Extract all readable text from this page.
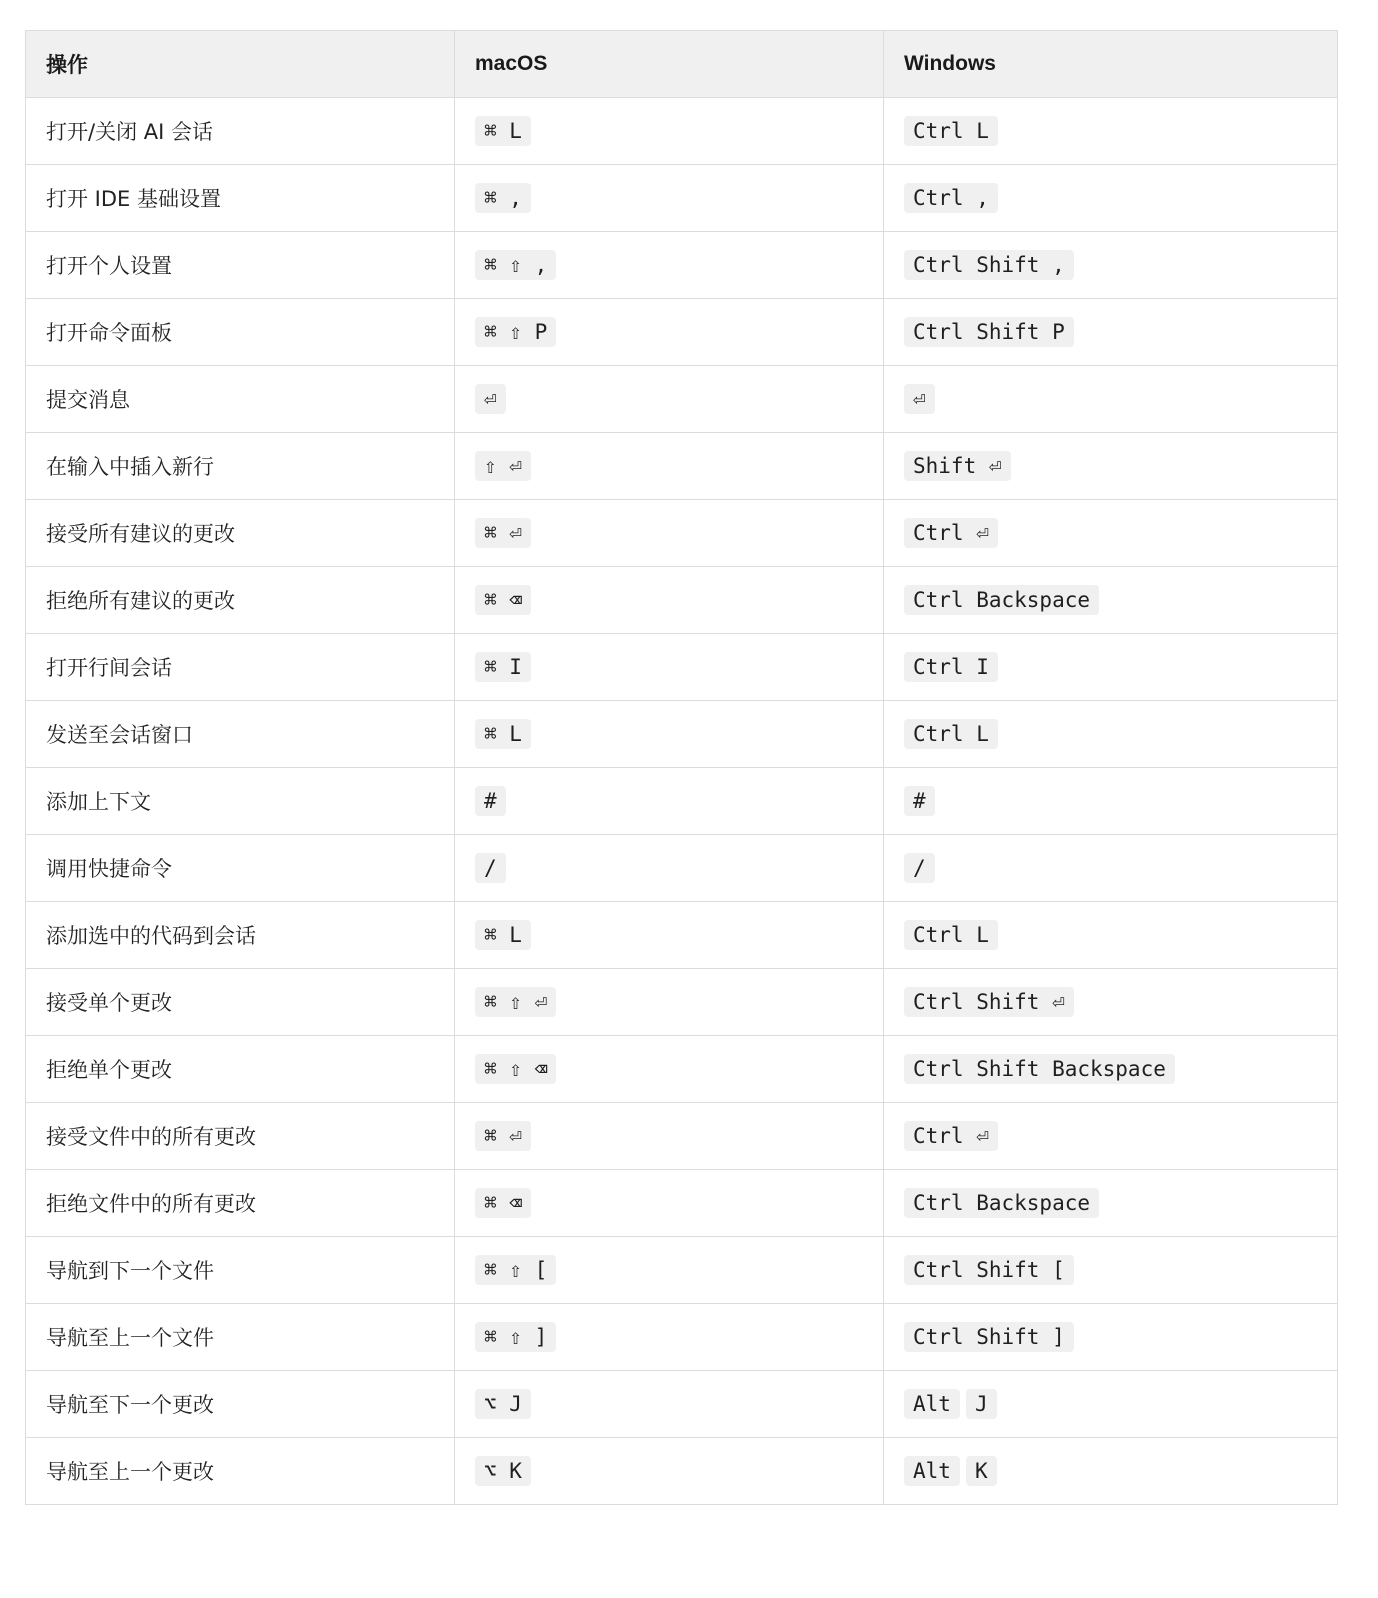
操作	macOS	Windows
打开/关闭 AI 会话	⌘ L	Ctrl L

打开 IDE 基础设置	⌘ ,	Ctrl ,

打开个人设置	⌘ ⇧ ,	Ctrl Shift ,

打开命令面板	⌘ ⇧ P	Ctrl Shift P

提交消息	⏎	⏎

在输入中插入新行	⇧ ⏎	Shift ⏎

接受所有建议的更改	⌘ ⏎	Ctrl ⏎

拒绝所有建议的更改	⌘ ⌫	Ctrl Backspace

打开行间会话	⌘ I	Ctrl I

发送至会话窗口	⌘ L	Ctrl L

添加上下文	#	#

调用快捷命令	/	/

添加选中的代码到会话	⌘ L	Ctrl L

接受单个更改	⌘ ⇧ ⏎	Ctrl Shift ⏎

拒绝单个更改	⌘ ⇧ ⌫	Ctrl Shift Backspace

接受文件中的所有更改	⌘ ⏎	Ctrl ⏎

拒绝文件中的所有更改	⌘ ⌫	Ctrl Backspace

导航到下一个文件	⌘ ⇧ [	Ctrl Shift [

导航至上一个文件	⌘ ⇧ ]	Ctrl Shift ]

导航至下一个更改	⌥ J	Alt J

导航至上一个更改	⌥ K	Alt K
